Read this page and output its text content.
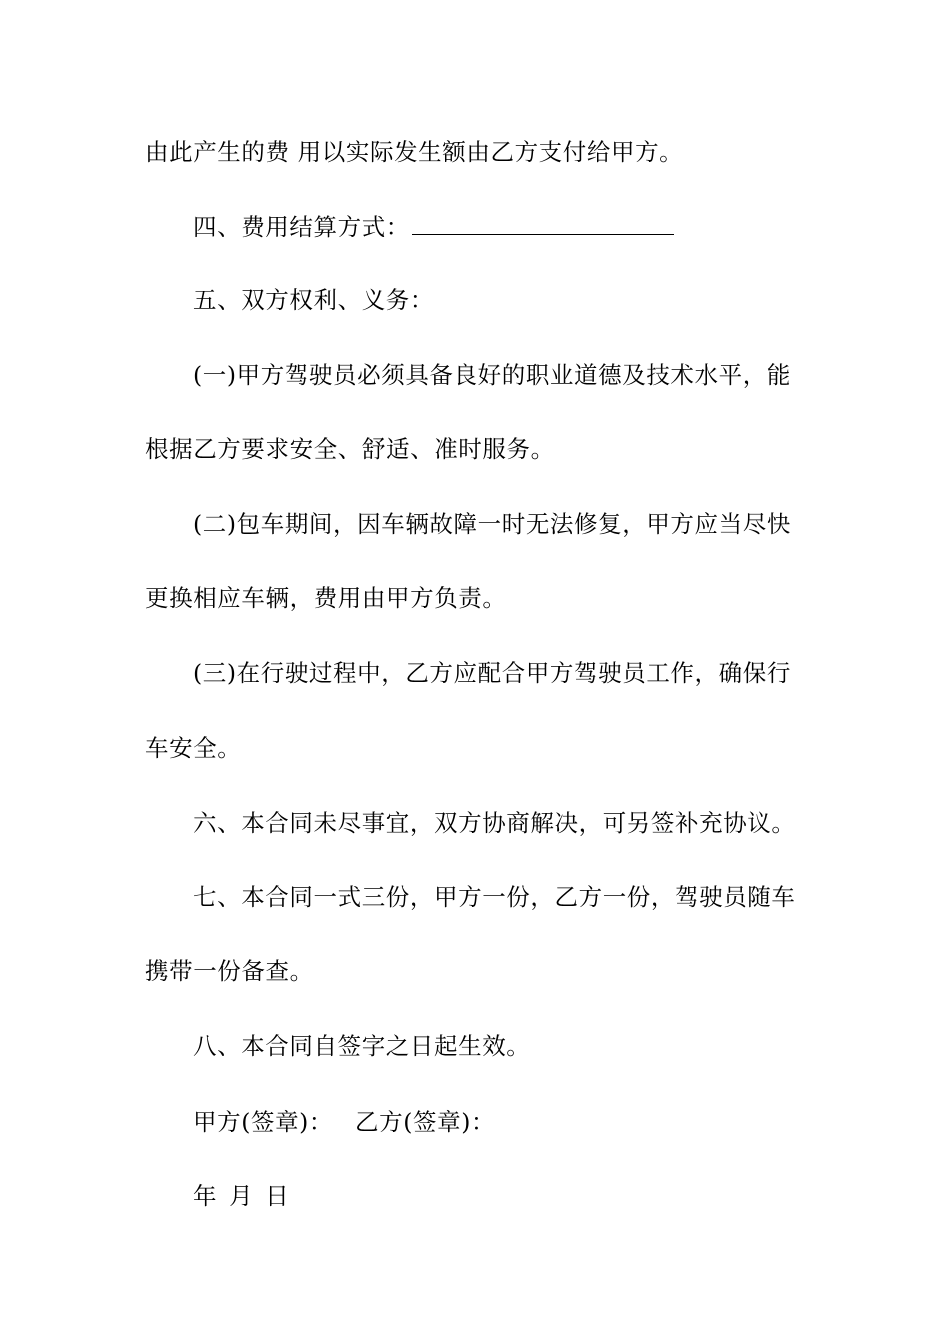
由此产生的费 用以实际发生额由乙方支付给甲方。
四、费用结算方式：
五、双方权利、义务：
(一)甲方驾驶员必须具备良好的职业道德及技术水平，能
根据乙方要求安全、舒适、准时服务。
(二)包车期间，因车辆故障一时无法修复，甲方应当尽快
更换相应车辆，费用由甲方负责。
(三)在行驶过程中，乙方应配合甲方驾驶员工作，确保行
车安全。
六、本合同未尽事宜，双方协商解决，可另签补充协议。
七、本合同一式三份，甲方一份，乙方一份，驾驶员随车
携带一份备查。
八、本合同自签字之日起生效。
甲方(签章)： 乙方(签章)：
年 月 日
